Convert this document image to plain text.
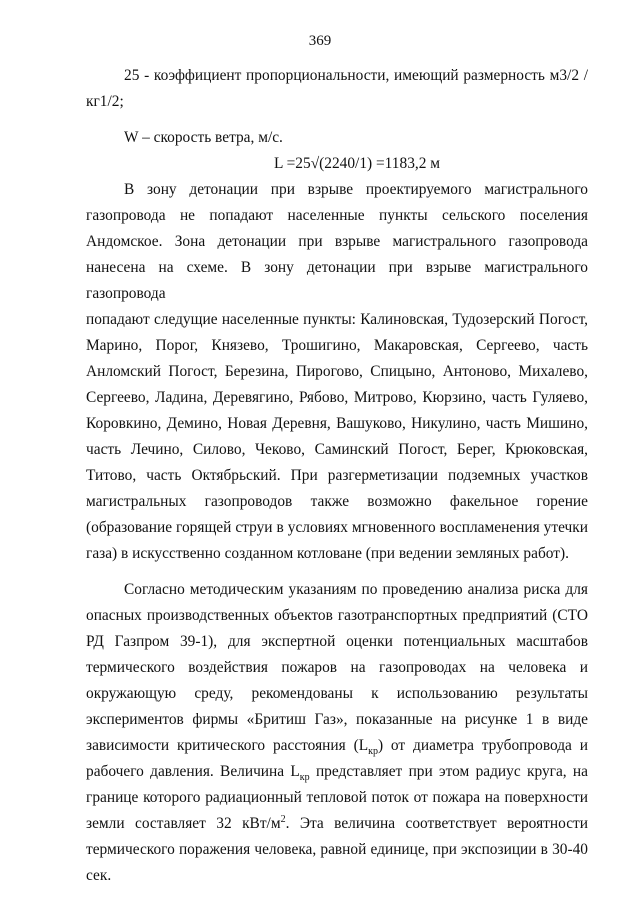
369
25 - коэффициент пропорциональности, имеющий размерность м3/2 /
кг1/2;
W – скорость ветра, м/с.
L =25√(2240/1) =1183,2 м
В зону детонации при взрыве проектируемого магистрального
газопровода не попадают населенные пункты сельского поселения
Андомское. Зона детонации при взрыве магистрального газопровода
нанесена на схеме. В зону детонации при взрыве магистрального газопровода
попадают следущие населенные пункты: Калиновская, Тудозерский Погост,
Марино, Порог, Князево, Трошигино, Макаровская, Сергеево, часть
Анломский Погост, Березина, Пирогово, Спицыно, Антоново, Михалево,
Сергеево, Ладина, Деревягино, Рябово, Митрово, Кюрзино, часть Гуляево,
Коровкино, Демино, Новая Деревня, Вашуково, Никулино, часть Мишино,
часть Лечино, Силово, Чеково, Саминский Погост, Берег, Крюковская,
Титово, часть Октябрьский. При разгерметизации подземных участков
магистральных газопроводов также возможно факельное горение
(образование горящей струи в условиях мгновенного воспламенения утечки
газа) в искусственно созданном котловане (при ведении земляных работ).
Согласно методическим указаниям по проведению анализа риска для
опасных производственных объектов газотранспортных предприятий (СТО
РД Газпром 39-1), для экспертной оценки потенциальных масштабов
термического воздействия пожаров на газопроводах на человека и
окружающую среду, рекомендованы к использованию результаты
экспериментов фирмы «Бритиш Газ», показанные на рисунке 1 в виде
зависимости критического расстояния $(L_{кр})$ от диаметра трубопровода и
рабочего давления. Величина $L_{кр}$ представляет при этом радиус круга, на
границе которого радиационный тепловой поток от пожара на поверхности
земли составляет 32 кВт/$м^2$. Эта величина соответствует вероятности
термического поражения человека, равной единице, при экспозиции в 30-40
сек.
